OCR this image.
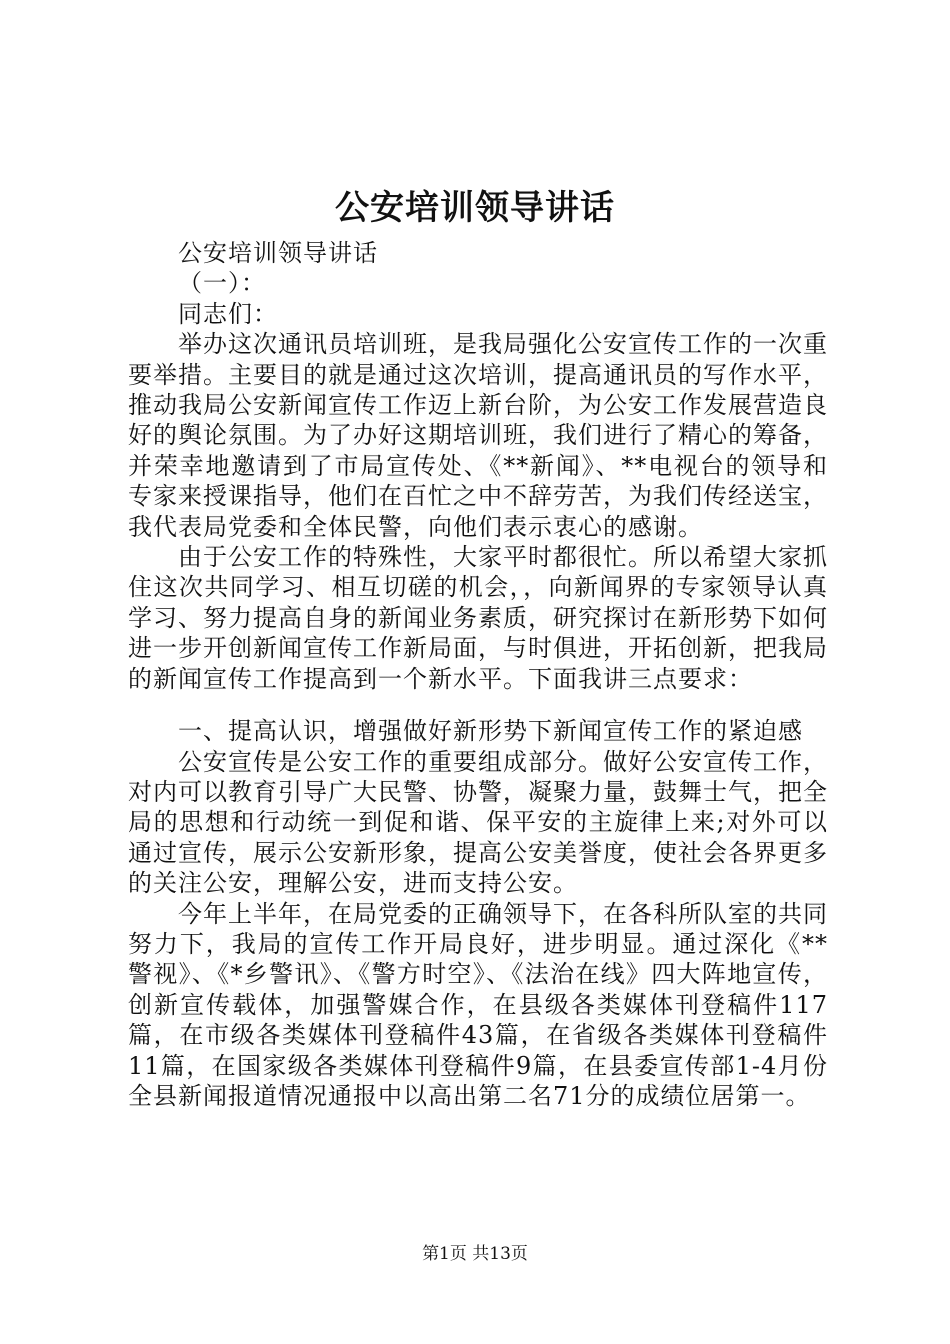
公安培训领导讲话
公安培训领导讲话
（一）：
同志们：

举办这次通讯员培训班，是我局强化公安宣传工作的一次重要举措。主要目的就是通过这次培训，提高通讯员的写作水平，推动我局公安新闻宣传工作迈上新台阶，为公安工作发展营造良好的舆论氛围。为了办好这期培训班，我们进行了精心的筹备，并荣幸地邀请到了市局宣传处、《**新闻》、**电视台的领导和专家来授课指导，他们在百忙之中不辞劳苦，为我们传经送宝，我代表局党委和全体民警，向他们表示衷心的感谢。

由于公安工作的特殊性，大家平时都很忙。所以希望大家抓住这次共同学习、相互切磋的机会，，向新闻界的专家领导认真学习、努力提高自身的新闻业务素质，研究探讨在新形势下如何进一步开创新闻宣传工作新局面，与时俱进，开拓创新，把我局的新闻宣传工作提高到一个新水平。下面我讲三点要求：

一、提高认识，增强做好新形势下新闻宣传工作的紧迫感

公安宣传是公安工作的重要组成部分。做好公安宣传工作，对内可以教育引导广大民警、协警，凝聚力量，鼓舞士气，把全局的思想和行动统一到促和谐、保平安的主旋律上来;对外可以通过宣传，展示公安新形象，提高公安美誉度，使社会各界更多的关注公安，理解公安，进而支持公安。

今年上半年，在局党委的正确领导下，在各科所队室的共同努力下，我局的宣传工作开局良好，进步明显。通过深化《**警视》、《*乡警讯》、《警方时空》、《法治在线》四大阵地宣传，创新宣传载体，加强警媒合作，在县级各类媒体刊登稿件117篇，在市级各类媒体刊登稿件43篇，在省级各类媒体刊登稿件11篇，在国家级各类媒体刊登稿件9篇，在县委宣传部1-4月份全县新闻报道情况通报中以高出第二名71分的成绩位居第一。

第1页 共13页
